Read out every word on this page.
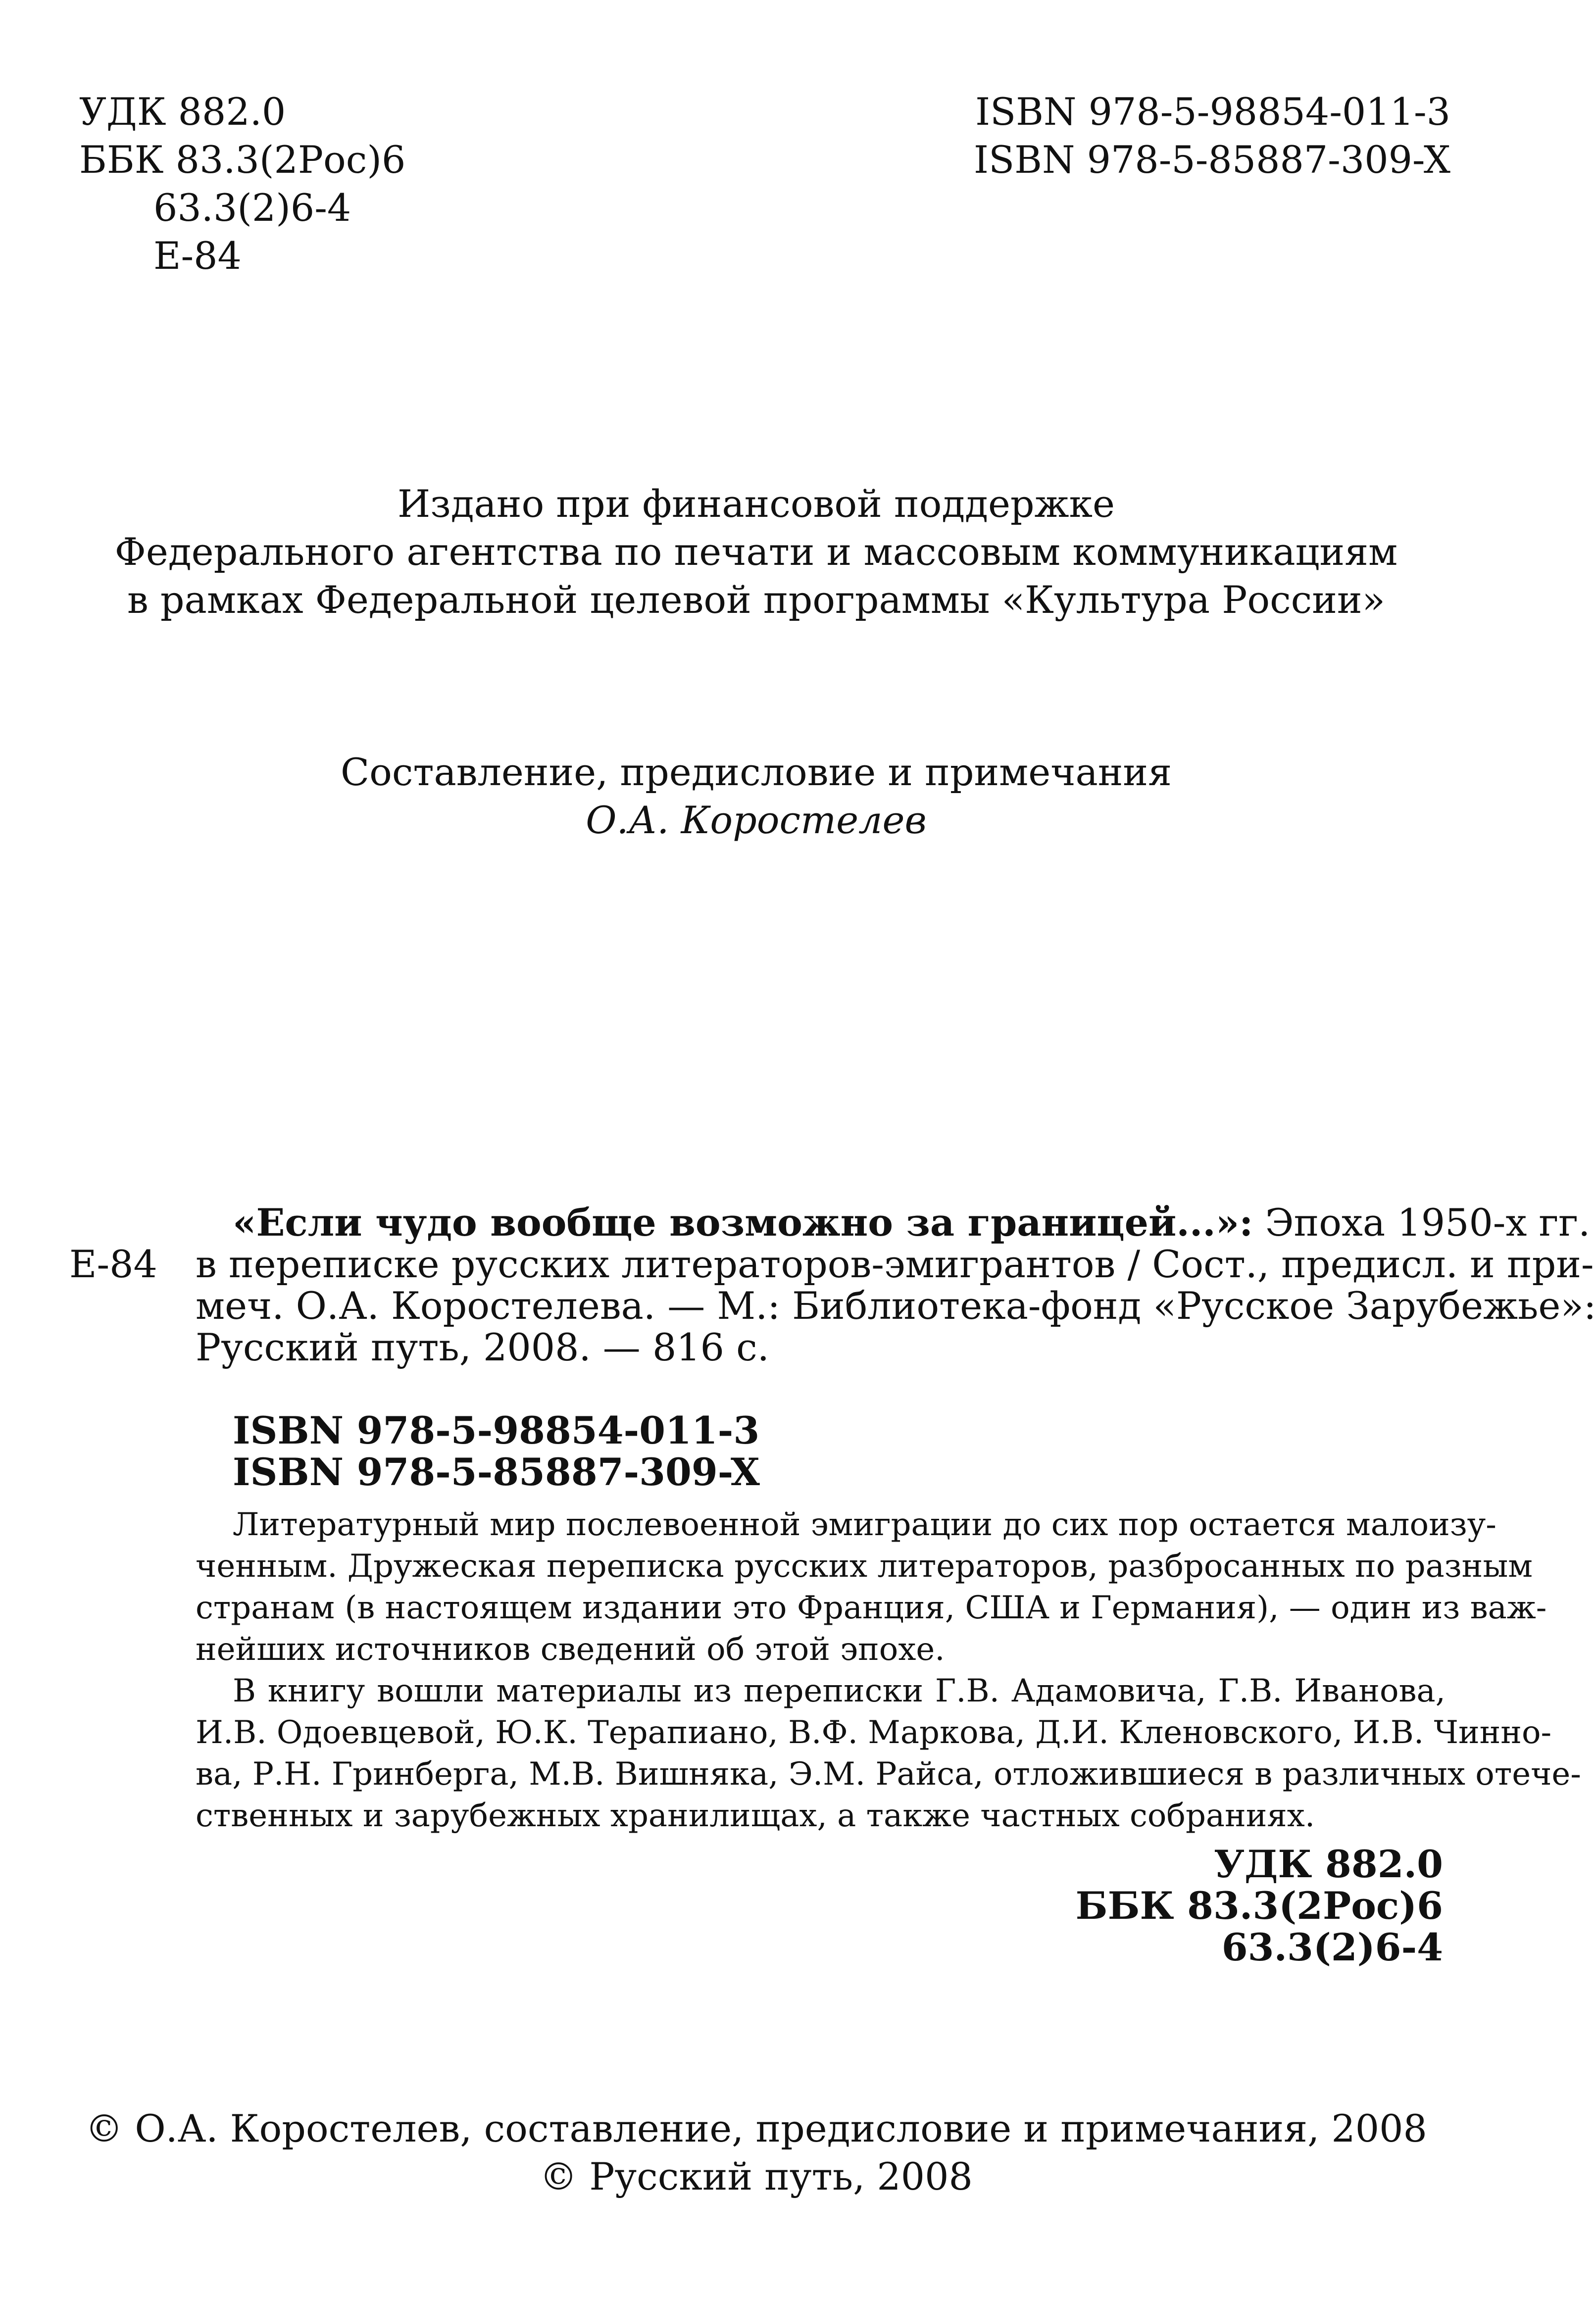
УДК 882.0
ББК 83.3(2Рос)6
63.3(2)6-4
Е-84
ISBN 978-5-98854-011-3
ISBN 978-5-85887-309-X
Издано при финансовой поддержке
Федерального агентства по печати и массовым коммуникациям
в рамках Федеральной целевой программы «Культура России»
Составление, предисловие и примечания
О.А. Коростелев
Е-84
«Если чудо вообще возможно за границей...»: Эпоха 1950-х гг.
в переписке русских литераторов-эмигрантов / Сост., предисл. и при-
меч. О.А. Коростелева. — М.: Библиотека-фонд «Русское Зарубежье»:
Русский путь, 2008. — 816 с.
ISBN 978-5-98854-011-3
ISBN 978-5-85887-309-X
Литературный мир послевоенной эмиграции до сих пор остается малоизу-
ченным. Дружеская переписка русских литераторов, разбросанных по разным
странам (в настоящем издании это Франция, США и Германия), — один из важ-
нейших источников сведений об этой эпохе.
В книгу вошли материалы из переписки Г.В. Адамовича, Г.В. Иванова,
И.В. Одоевцевой, Ю.К. Терапиано, В.Ф. Маркова, Д.И. Кленовского, И.В. Чинно-
ва, Р.Н. Гринберга, М.В. Вишняка, Э.М. Райса, отложившиеся в различных отече-
ственных и зарубежных хранилищах, а также частных собраниях.
УДК 882.0
ББК 83.3(2Рос)6
63.3(2)6-4
© О.А. Коростелев, составление, предисловие и примечания, 2008
© Русский путь, 2008
